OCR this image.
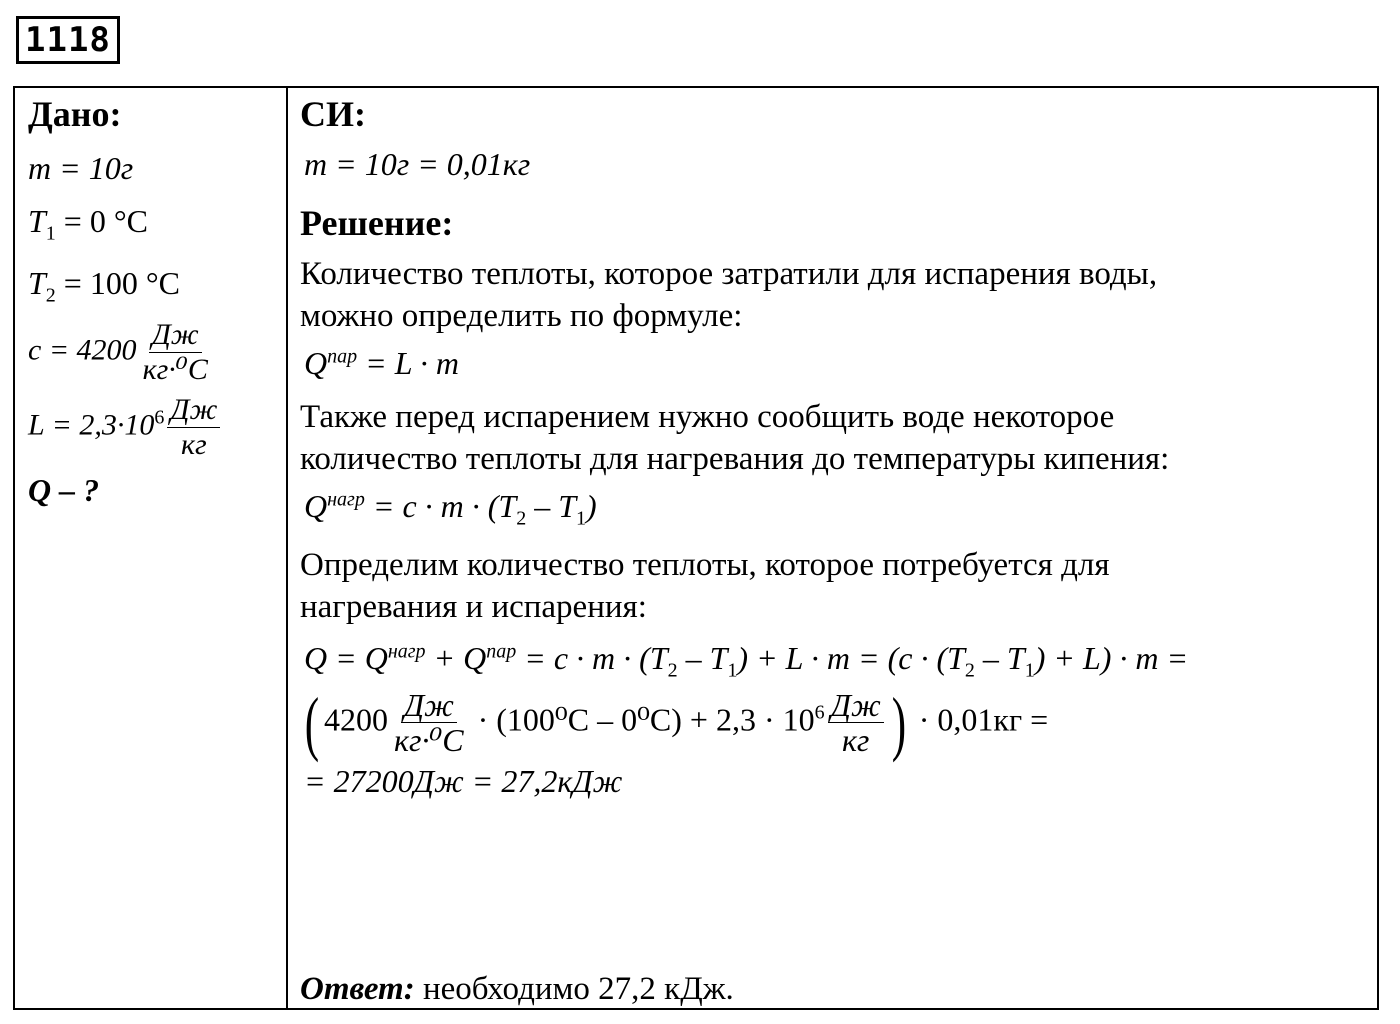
1118
Дано:
m = 10г
$T_1 = 0$ °C
$T_2 = 100$ °C
$c = 4200 \frac{Дж}{\text{кг·⁰C}}$
$L = 2,3\cdot 10^6 \frac{Дж}{кг}$
Q – ?
СИ:
m = 10г = 0,01кг
Решение:
Количество теплоты, которое затратили для испарения воды,
можно определить по формуле:
$Q^{пар} = L \cdot m$
Также перед испарением нужно сообщить воде некоторое
количество теплоты для нагревания до температуры кипения:
$Q^{нагр} = c \cdot m \cdot (T_2 - T_1)$
Определим количество теплоты, которое потребуется для
нагревания и испарения:
$Q = Q^{нагр} + Q^{пар} = c \cdot m \cdot (T_2 - T_1) + L \cdot m = (c \cdot (T_2 - T_1) + L) \cdot m$ =
( $4200 \frac{Дж}{\text{кг·⁰C}} \cdot (100^0C - 0^0C) + 2,3 \cdot 10^6 \frac{Дж}{кг}$ ) · 0,01кг =
= 27200Дж = 27,2кДж
Ответ: необходимо 27,2 кДж.
